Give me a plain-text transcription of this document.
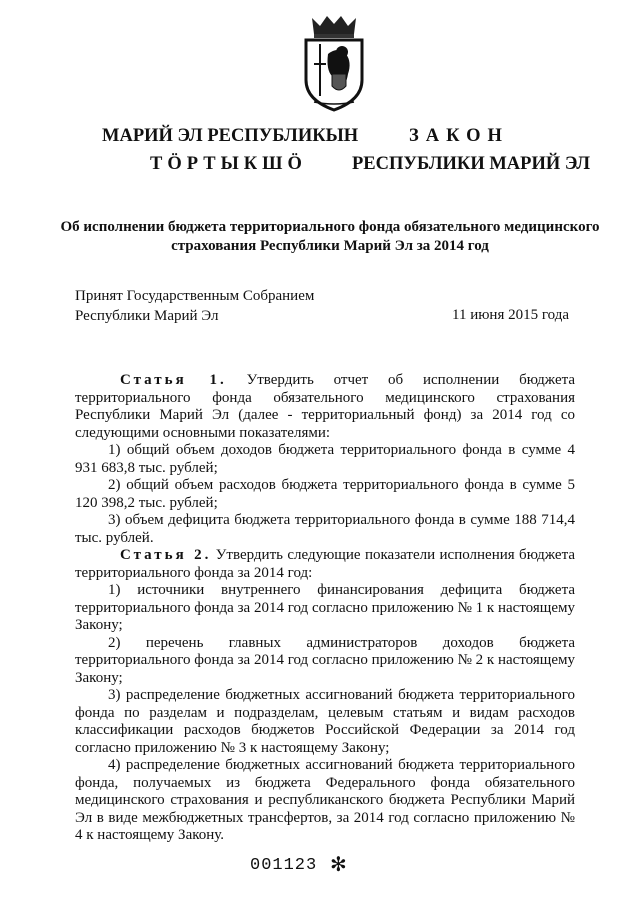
МАРИЙ ЭЛ РЕСПУБЛИКЫН
ТӦРТЫКШӦ
ЗАКОН
РЕСПУБЛИКИ МАРИЙ ЭЛ
Об исполнении бюджета территориального фонда обязательного медицинского страхования Республики Марий Эл за 2014 год
Принят Государственным Собранием
Республики Марий Эл	11 июня 2015 года

Статья 1. Утвердить отчет об исполнении бюджета территориального фонда обязательного медицинского страхования Республики Марий Эл (далее - территориальный фонд) за 2014 год со следующими основными показателями:

1) общий объем доходов бюджета территориального фонда в сумме 4 931 683,8 тыс. рублей;

2) общий объем расходов бюджета территориального фонда в сумме 5 120 398,2 тыс. рублей;

3) объем дефицита бюджета территориального фонда в сумме 188 714,4 тыс. рублей.

Статья 2. Утвердить следующие показатели исполнения бюджета территориального фонда за 2014 год:

1) источники внутреннего финансирования дефицита бюджета территориального фонда за 2014 год согласно приложению № 1 к настоящему Закону;

2) перечень главных администраторов доходов бюджета территориального фонда за 2014 год согласно приложению № 2 к настоящему Закону;

3) распределение бюджетных ассигнований бюджета территориального фонда по разделам и подразделам, целевым статьям и видам расходов классификации расходов бюджетов Российской Федерации за 2014 год согласно приложению № 3 к настоящему Закону;

4) распределение бюджетных ассигнований бюджета территориального фонда, получаемых из бюджета Федерального фонда обязательного медицинского страхования и республиканского бюджета Республики Марий Эл в виде межбюджетных трансфертов, за 2014 год согласно приложению № 4 к настоящему Закону.

001123 ✻
